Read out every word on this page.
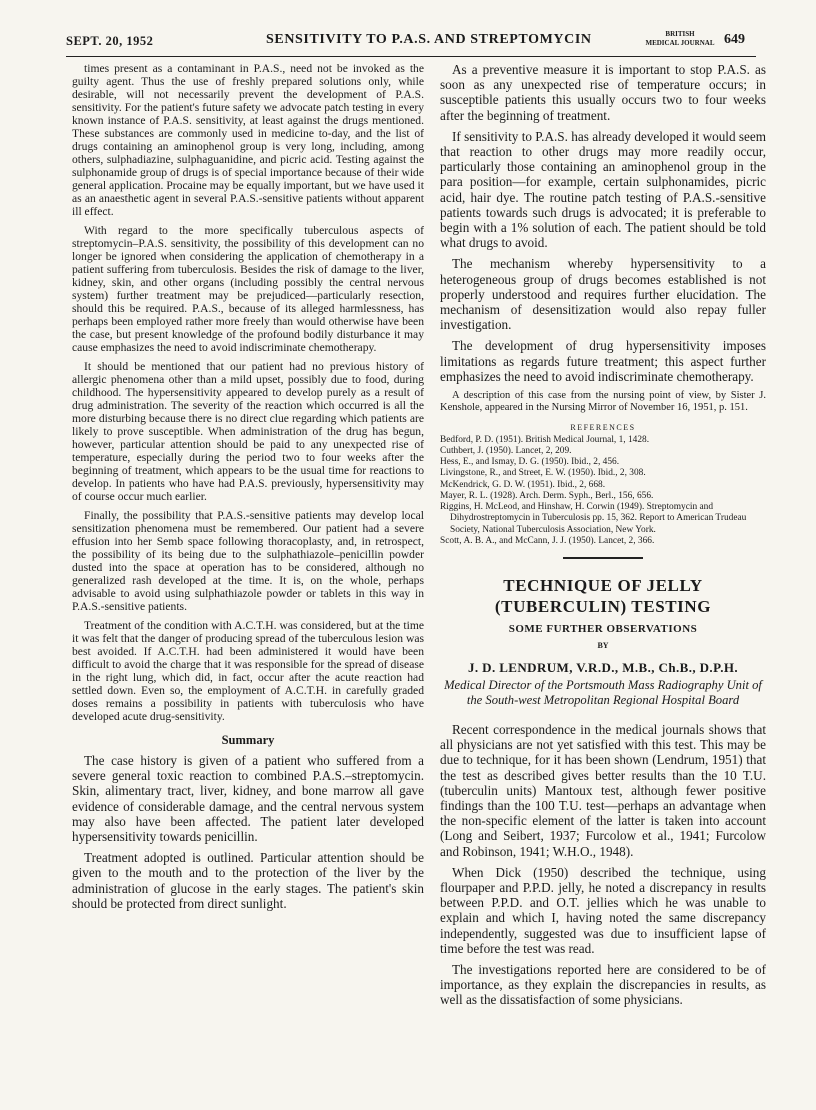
SEPT. 20, 1952	SENSITIVITY TO P.A.S. AND STREPTOMYCIN	BRITISH
MEDICAL JOURNAL 649

times present as a contaminant in P.A.S., need not be invoked as the guilty agent. Thus the use of freshly prepared solutions only, while desirable, will not necessarily prevent the development of P.A.S. sensitivity. For the patient's future safety we advocate patch testing in every known instance of P.A.S. sensitivity, at least against the drugs mentioned. These substances are commonly used in medicine to-day, and the list of drugs containing an aminophenol group is very long, including, among others, sulphadiazine, sulphaguanidine, and picric acid. Testing against the sulphonamide group of drugs is of special importance because of their wide general application. Procaine may be equally important, but we have used it as an anaesthetic agent in several P.A.S.-sensitive patients without apparent ill effect.

With regard to the more specifically tuberculous aspects of streptomycin–P.A.S. sensitivity, the possibility of this development can no longer be ignored when considering the application of chemotherapy in a patient suffering from tuberculosis. Besides the risk of damage to the liver, kidney, skin, and other organs (including possibly the central nervous system) further treatment may be prejudiced—particularly resection, should this be required. P.A.S., because of its alleged harmlessness, has perhaps been employed rather more freely than would otherwise have been the case, but present knowledge of the profound bodily disturbance it may cause emphasizes the need to avoid indiscriminate chemotherapy.

It should be mentioned that our patient had no previous history of allergic phenomena other than a mild upset, possibly due to food, during childhood. The hypersensitivity appeared to develop purely as a result of drug administration. The severity of the reaction which occurred is all the more disturbing because there is no direct clue regarding which patients are likely to prove susceptible. When administration of the drug has begun, however, particular attention should be paid to any unexpected rise of temperature, especially during the period two to four weeks after the beginning of treatment, which appears to be the usual time for reactions to develop. In patients who have had P.A.S. previously, hypersensitivity may of course occur much earlier.

Finally, the possibility that P.A.S.-sensitive patients may develop local sensitization phenomena must be remembered. Our patient had a severe effusion into her Semb space following thoracoplasty, and, in retrospect, the possibility of its being due to the sulphathiazole–penicillin powder dusted into the space at operation has to be considered, although no generalized rash developed at the time. It is, on the whole, perhaps advisable to avoid using sulphathiazole powder or tablets in this way in P.A.S.-sensitive patients.

Treatment of the condition with A.C.T.H. was considered, but at the time it was felt that the danger of producing spread of the tuberculous lesion was best avoided. If A.C.T.H. had been administered it would have been difficult to avoid the charge that it was responsible for the spread of disease in the right lung, which did, in fact, occur after the acute reaction had settled down. Even so, the employment of A.C.T.H. in carefully graded doses remains a possibility in patients with tuberculosis who have developed acute drug-sensitivity.

Summary

The case history is given of a patient who suffered from a severe general toxic reaction to combined P.A.S.–streptomycin. Skin, alimentary tract, liver, kidney, and bone marrow all gave evidence of considerable damage, and the central nervous system may also have been affected. The patient later developed hypersensitivity towards penicillin.

Treatment adopted is outlined. Particular attention should be given to the mouth and to the protection of the liver by the administration of glucose in the early stages. The patient's skin should be protected from direct sunlight.

As a preventive measure it is important to stop P.A.S. as soon as any unexpected rise of temperature occurs; in susceptible patients this usually occurs two to four weeks after the beginning of treatment.

If sensitivity to P.A.S. has already developed it would seem that reaction to other drugs may more readily occur, particularly those containing an aminophenol group in the para position—for example, certain sulphonamides, picric acid, hair dye. The routine patch testing of P.A.S.-sensitive patients towards such drugs is advocated; it is preferable to begin with a 1% solution of each. The patient should be told what drugs to avoid.

The mechanism whereby hypersensitivity to a heterogeneous group of drugs becomes established is not properly understood and requires further elucidation. The mechanism of desensitization would also repay fuller investigation.

The development of drug hypersensitivity imposes limitations as regards future treatment; this aspect further emphasizes the need to avoid indiscriminate chemotherapy.

A description of this case from the nursing point of view, by Sister J. Kenshole, appeared in the Nursing Mirror of November 16, 1951, p. 151.
REFERENCES
Bedford, P. D. (1951). British Medical Journal, 1, 1428.
Cuthbert, J. (1950). Lancet, 2, 209.
Hess, E., and Ismay, D. G. (1950). Ibid., 2, 456.
Livingstone, R., and Street, E. W. (1950). Ibid., 2, 308.
McKendrick, G. D. W. (1951). Ibid., 2, 668.
Mayer, R. L. (1928). Arch. Derm. Syph., Berl., 156, 656.
Riggins, H. McLeod, and Hinshaw, H. Corwin (1949). Streptomycin and Dihydrostreptomycin in Tuberculosis pp. 15, 362. Report to American Trudeau Society, National Tuberculosis Association, New York.
Scott, A. B. A., and McCann, J. J. (1950). Lancet, 2, 366.
TECHNIQUE OF JELLY (TUBERCULIN) TESTING
SOME FURTHER OBSERVATIONS
BY
J. D. LENDRUM, V.R.D., M.B., Ch.B., D.P.H.
Medical Director of the Portsmouth Mass Radiography Unit of the South-west Metropolitan Regional Hospital Board

Recent correspondence in the medical journals shows that all physicians are not yet satisfied with this test. This may be due to technique, for it has been shown (Lendrum, 1951) that the test as described gives better results than the 10 T.U. (tuberculin units) Mantoux test, although fewer positive findings than the 100 T.U. test—perhaps an advantage when the non-specific element of the latter is taken into account (Long and Seibert, 1937; Furcolow et al., 1941; Furcolow and Robinson, 1941; W.H.O., 1948).

When Dick (1950) described the technique, using flourpaper and P.P.D. jelly, he noted a discrepancy in results between P.P.D. and O.T. jellies which he was unable to explain and which I, having noted the same discrepancy independently, suggested was due to insufficient lapse of time before the test was read.

The investigations reported here are considered to be of importance, as they explain the discrepancies in results, as well as the dissatisfaction of some physicians.
